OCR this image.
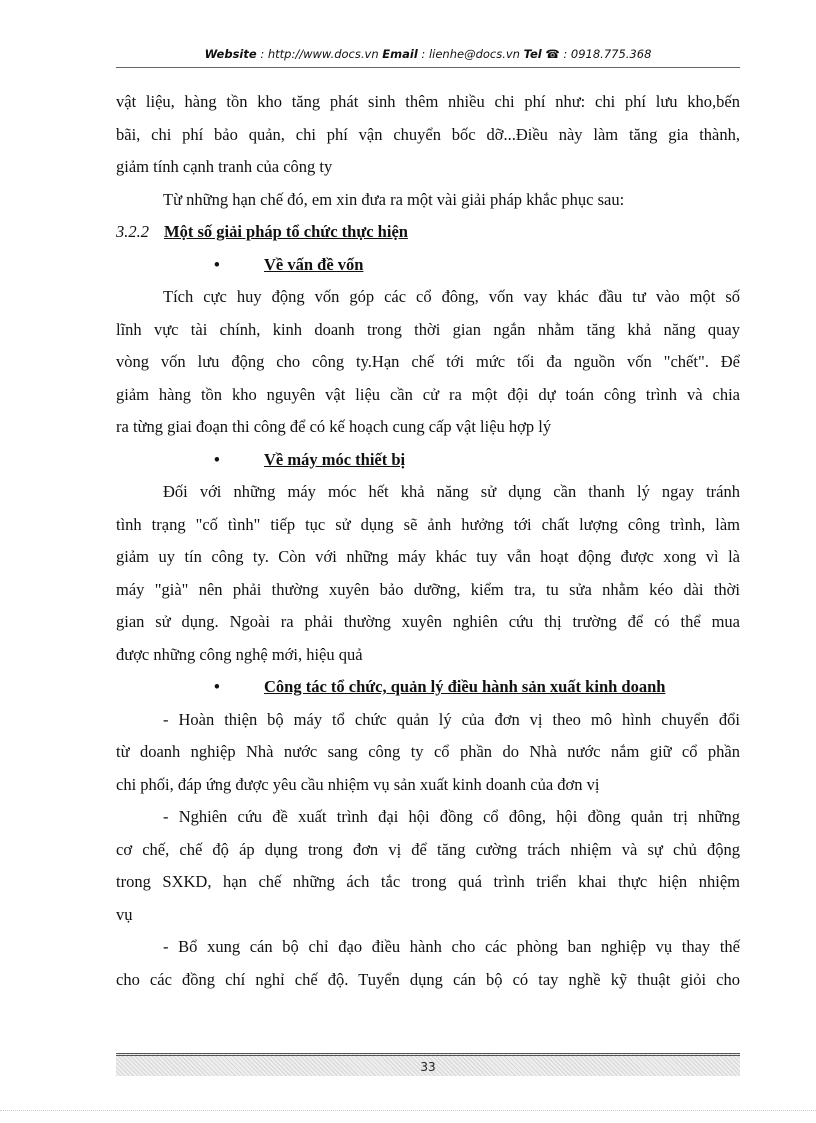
Website : http://www.docs.vn Email : lienhe@docs.vn Tel ☎ : 0918.775.368

vật liệu, hàng tồn kho tăng phát sinh thêm nhiều chi phí như: chi phí lưu kho,bến

bãi, chi phí bảo quản, chi phí vận chuyển bốc dỡ...Điều này làm tăng gia thành,

giảm tính cạnh tranh của công ty

Từ những hạn chế đó, em xin đưa ra một vài giải pháp khắc phục sau:

3.2.2 Một số giải pháp tổ chức thực hiện

•	Về vấn đề vốn

Tích cực huy động vốn góp các cổ đông, vốn vay khác đầu tư vào một số

lĩnh vực tài chính, kinh doanh trong thời gian ngắn nhằm tăng khả năng quay

vòng vốn lưu động cho công ty.Hạn chế tới mức tối đa nguồn vốn "chết". Để

giảm hàng tồn kho nguyên vật liệu cần cử ra một đội dự toán công trình và chia

ra từng giai đoạn thi công để có kế hoạch cung cấp vật liệu hợp lý

•	Về máy móc thiết bị

Đối với những máy móc hết khả năng sử dụng cần thanh lý ngay tránh

tình trạng "cố tình" tiếp tục sử dụng sẽ ảnh hưởng tới chất lượng công trình, làm

giảm uy tín công ty. Còn với những máy khác tuy vẫn hoạt động được xong vì là

máy "già" nên phải thường xuyên bảo dưỡng, kiểm tra, tu sửa nhằm kéo dài thời

gian sử dụng. Ngoài ra phải thường xuyên nghiên cứu thị trường để có thể mua

được những công nghệ mới, hiệu quả

•	Công tác tổ chức, quản lý điều hành sản xuất kinh doanh

- Hoàn thiện bộ máy tổ chức quản lý của đơn vị theo mô hình chuyển đổi

từ doanh nghiệp Nhà nước sang công ty cổ phần do Nhà nước nắm giữ cổ phần

chi phối, đáp ứng được yêu cầu nhiệm vụ sản xuất kinh doanh của đơn vị

- Nghiên cứu đề xuất trình đại hội đồng cổ đông, hội đồng quản trị những

cơ chế, chế độ áp dụng trong đơn vị để tăng cường trách nhiệm và sự chủ động

trong SXKD, hạn chế những ách tắc trong quá trình triển khai thực hiện nhiệm

vụ

- Bổ xung cán bộ chỉ đạo điều hành cho các phòng ban nghiệp vụ thay thế

cho các đồng chí nghỉ chế độ. Tuyển dụng cán bộ có tay nghề kỹ thuật giỏi cho

33
